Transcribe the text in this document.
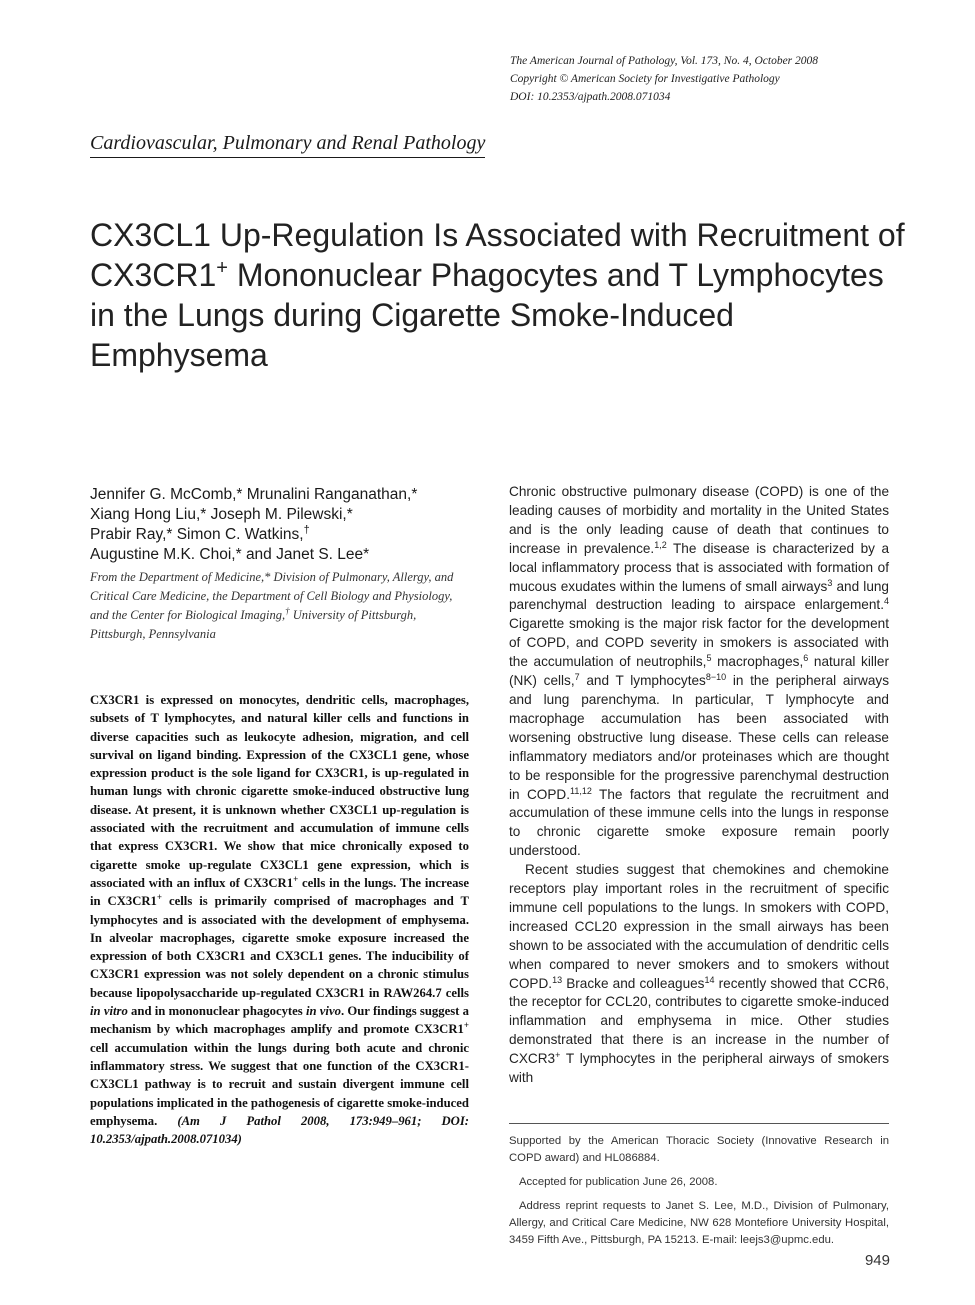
The American Journal of Pathology, Vol. 173, No. 4, October 2008
Copyright © American Society for Investigative Pathology
DOI: 10.2353/ajpath.2008.071034
Cardiovascular, Pulmonary and Renal Pathology
CX3CL1 Up-Regulation Is Associated with Recruitment of CX3CR1+ Mononuclear Phagocytes and T Lymphocytes in the Lungs during Cigarette Smoke-Induced Emphysema
Jennifer G. McComb,* Mrunalini Ranganathan,*
Xiang Hong Liu,* Joseph M. Pilewski,*
Prabir Ray,* Simon C. Watkins,†
Augustine M.K. Choi,* and Janet S. Lee*
From the Department of Medicine,* Division of Pulmonary, Allergy, and Critical Care Medicine, the Department of Cell Biology and Physiology, and the Center for Biological Imaging,† University of Pittsburgh, Pittsburgh, Pennsylvania
CX3CR1 is expressed on monocytes, dendritic cells, macrophages, subsets of T lymphocytes, and natural killer cells and functions in diverse capacities such as leukocyte adhesion, migration, and cell survival on ligand binding. Expression of the CX3CL1 gene, whose expression product is the sole ligand for CX3CR1, is up-regulated in human lungs with chronic cigarette smoke-induced obstructive lung disease. At present, it is unknown whether CX3CL1 up-regulation is associated with the recruitment and accumulation of immune cells that express CX3CR1. We show that mice chronically exposed to cigarette smoke up-regulate CX3CL1 gene expression, which is associated with an influx of CX3CR1+ cells in the lungs. The increase in CX3CR1+ cells is primarily comprised of macrophages and T lymphocytes and is associated with the development of emphysema. In alveolar macrophages, cigarette smoke exposure increased the expression of both CX3CR1 and CX3CL1 genes. The inducibility of CX3CR1 expression was not solely dependent on a chronic stimulus because lipopolysaccharide up-regulated CX3CR1 in RAW264.7 cells in vitro and in mononuclear phagocytes in vivo. Our findings suggest a mechanism by which macrophages amplify and promote CX3CR1+ cell accumulation within the lungs during both acute and chronic inflammatory stress. We suggest that one function of the CX3CR1-CX3CL1 pathway is to recruit and sustain divergent immune cell populations implicated in the pathogenesis of cigarette smoke-induced emphysema. (Am J Pathol 2008, 173:949–961; DOI: 10.2353/ajpath.2008.071034)

Chronic obstructive pulmonary disease (COPD) is one of the leading causes of morbidity and mortality in the United States and is the only leading cause of death that continues to increase in prevalence.$^{1,2}$ The disease is characterized by a local inflammatory process that is associated with formation of mucous exudates within the lumens of small airways$^3$ and lung parenchymal destruction leading to airspace enlargement.$^4$ Cigarette smoking is the major risk factor for the development of COPD, and COPD severity in smokers is associated with the accumulation of neutrophils,$^5$ macrophages,$^6$ natural killer (NK) cells,$^7$ and T lymphocytes$^{8-10}$ in the peripheral airways and lung parenchyma. In particular, T lymphocyte and macrophage accumulation has been associated with worsening obstructive lung disease. These cells can release inflammatory mediators and/or proteinases which are thought to be responsible for the progressive parenchymal destruction in COPD.$^{11,12}$ The factors that regulate the recruitment and accumulation of these immune cells into the lungs in response to chronic cigarette smoke exposure remain poorly understood.

Recent studies suggest that chemokines and chemokine receptors play important roles in the recruitment of specific immune cell populations to the lungs. In smokers with COPD, increased CCL20 expression in the small airways has been shown to be associated with the accumulation of dendritic cells when compared to never smokers and to smokers without COPD.$^{13}$ Bracke and colleagues$^{14}$ recently showed that CCR6, the receptor for CCL20, contributes to cigarette smoke-induced inflammation and emphysema in mice. Other studies demonstrated that there is an increase in the number of CXCR3+ T lymphocytes in the peripheral airways of smokers with

Supported by the American Thoracic Society (Innovative Research in COPD award) and HL086884.

Accepted for publication June 26, 2008.

Address reprint requests to Janet S. Lee, M.D., Division of Pulmonary, Allergy, and Critical Care Medicine, NW 628 Montefiore University Hospital, 3459 Fifth Ave., Pittsburgh, PA 15213. E-mail: leejs3@upmc.edu.

949
